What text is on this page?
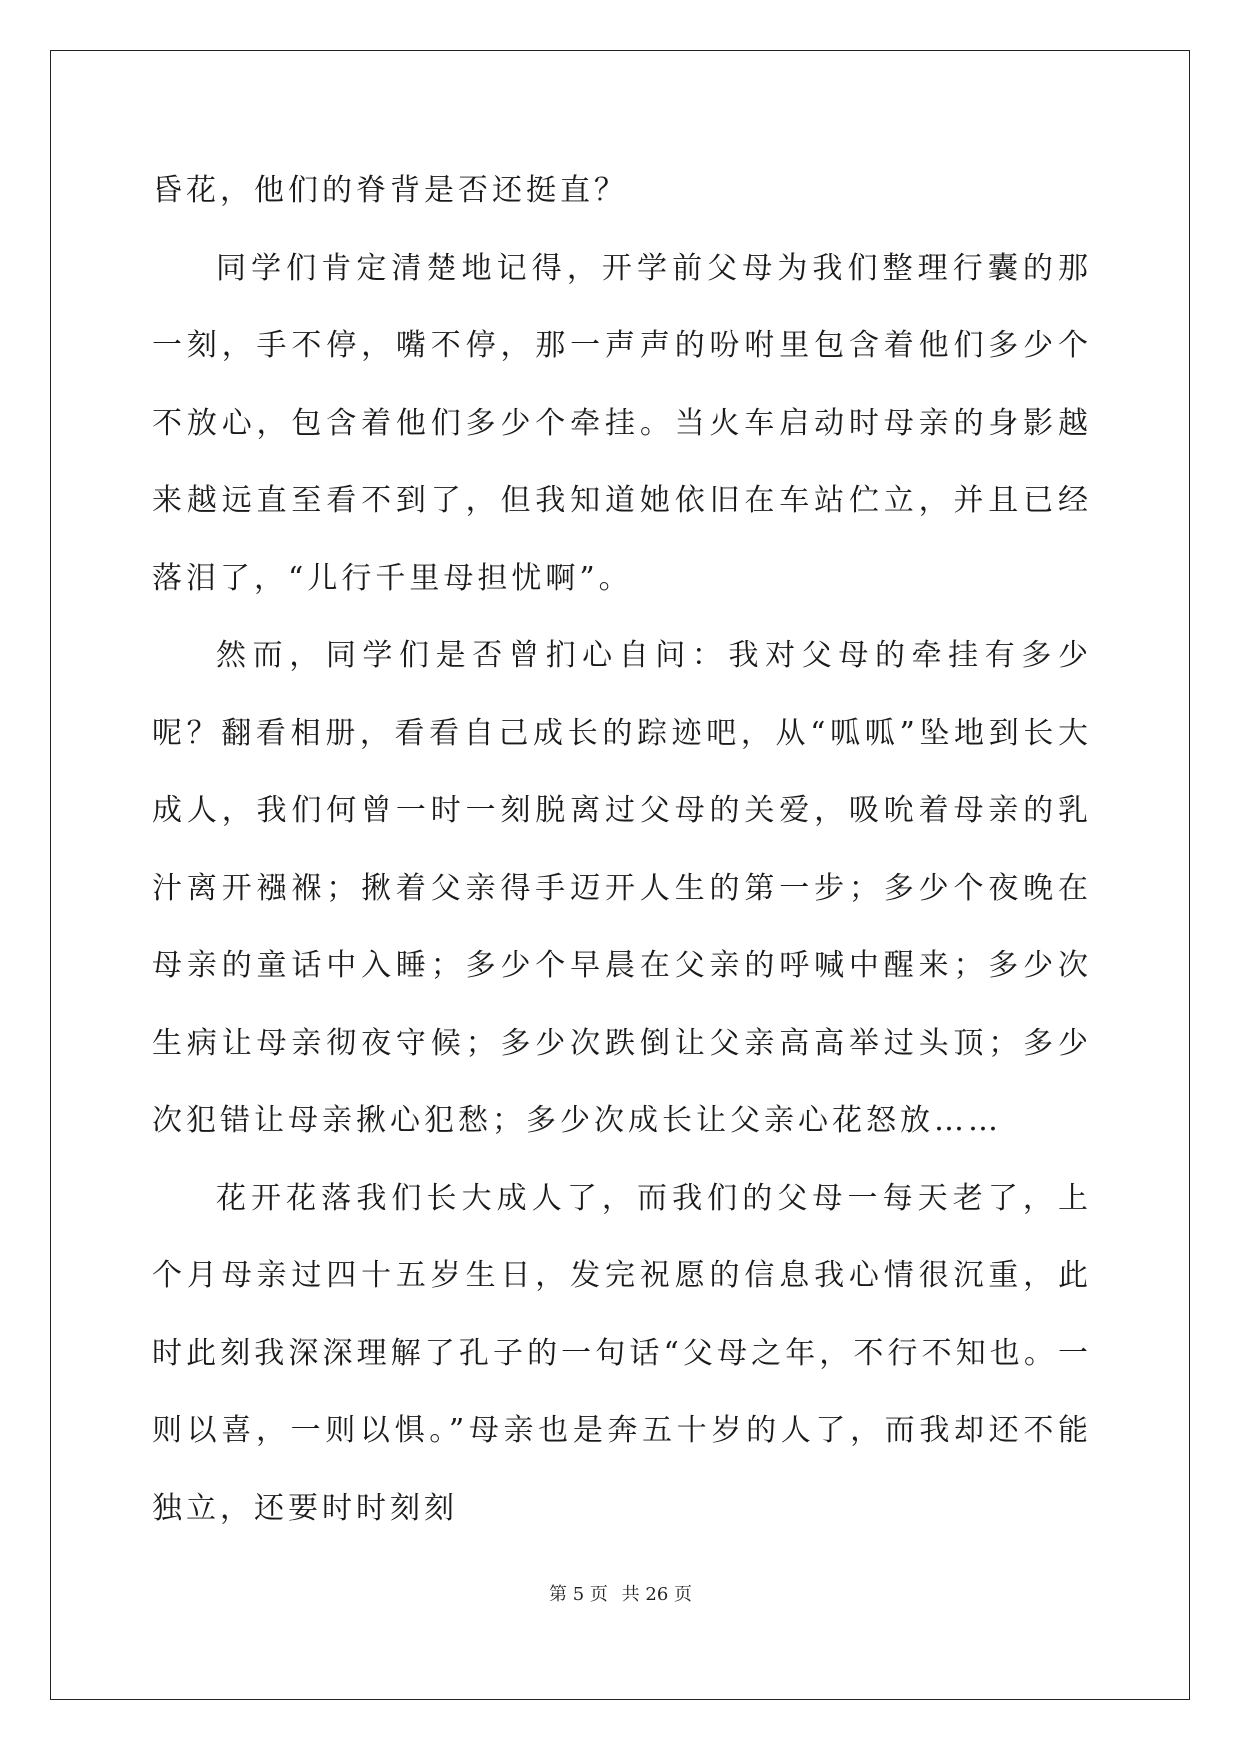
昏花，他们的脊背是否还挺直？

同学们肯定清楚地记得，开学前父母为我们整理行囊的那一刻，手不停，嘴不停，那一声声的吩咐里包含着他们多少个不放心，包含着他们多少个牵挂。当火车启动时母亲的身影越来越远直至看不到了，但我知道她依旧在车站伫立，并且已经落泪了，“儿行千里母担忧啊”。

然而，同学们是否曾扪心自问：我对父母的牵挂有多少呢？翻看相册，看看自己成长的踪迹吧，从“呱呱”坠地到长大成人，我们何曾一时一刻脱离过父母的关爱，吸吮着母亲的乳汁离开襁褓；揪着父亲得手迈开人生的第一步；多少个夜晚在母亲的童话中入睡；多少个早晨在父亲的呼喊中醒来；多少次生病让母亲彻夜守候；多少次跌倒让父亲高高举过头顶；多少次犯错让母亲揪心犯愁；多少次成长让父亲心花怒放……

花开花落我们长大成人了，而我们的父母一每天老了，上个月母亲过四十五岁生日，发完祝愿的信息我心情很沉重，此时此刻我深深理解了孔子的一句话“父母之年，不行不知也。一则以喜，一则以惧。”母亲也是奔五十岁的人了，而我却还不能独立，还要时时刻刻

第 5 页 共 26 页
